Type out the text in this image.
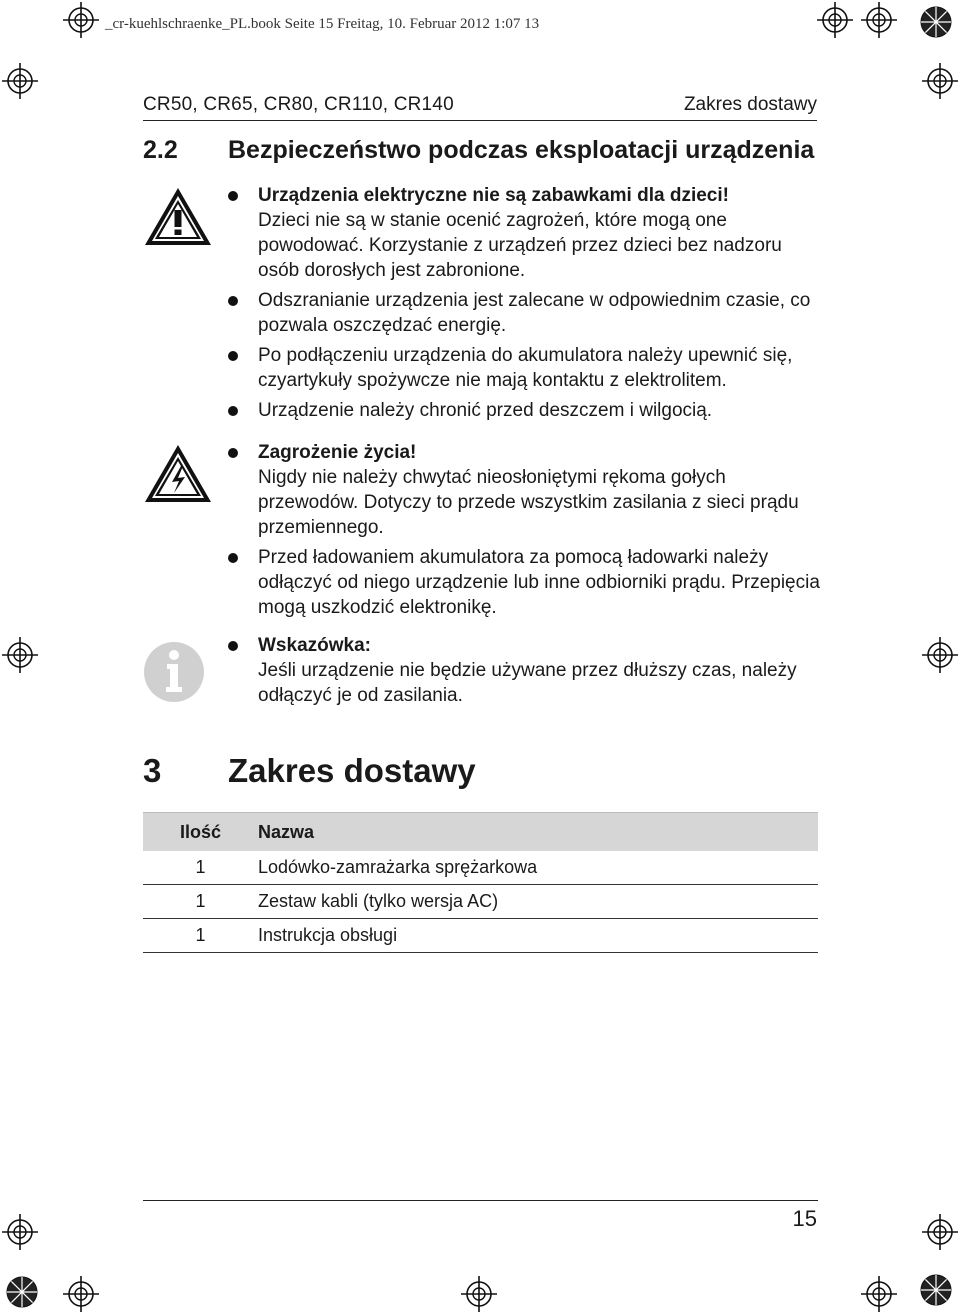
_cr-kuehlschraenke_PL.book Seite 15 Freitag, 10. Februar 2012 1:07 13
CR50, CR65, CR80, CR110, CR140	Zakres dostawy
2.2 Bezpieczeństwo podczas eksploatacji urządzenia

Urządzenia elektryczne nie są zabawkami dla dzieci!
Dzieci nie są w stanie ocenić zagrożeń, które mogą one powodować. Korzystanie z urządzeń przez dzieci bez nadzoru osób dorosłych jest zabronione.

Odszranianie urządzenia jest zalecane w odpowiednim czasie, co pozwala oszczędzać energię.

Po podłączeniu urządzenia do akumulatora należy upewnić się, czyartykuły spożywcze nie mają kontaktu z elektrolitem.

Urządzenie należy chronić przed deszczem i wilgocią.

Zagrożenie życia!
Nigdy nie należy chwytać nieosłoniętymi rękoma gołych przewodów. Dotyczy to przede wszystkim zasilania z sieci prądu przemiennego.

Przed ładowaniem akumulatora za pomocą ładowarki należy odłączyć od niego urządzenie lub inne odbiorniki prądu. Przepięcia mogą uszkodzić elektronikę.

Wskazówka:
Jeśli urządzenie nie będzie używane przez dłuższy czas, należy odłączyć je od zasilania.

3 Zakres dostawy
Ilość	Nazwa
1	Lodówko-zamrażarka sprężarkowa
1	Zestaw kabli (tylko wersja AC)
1	Instrukcja obsługi
15
